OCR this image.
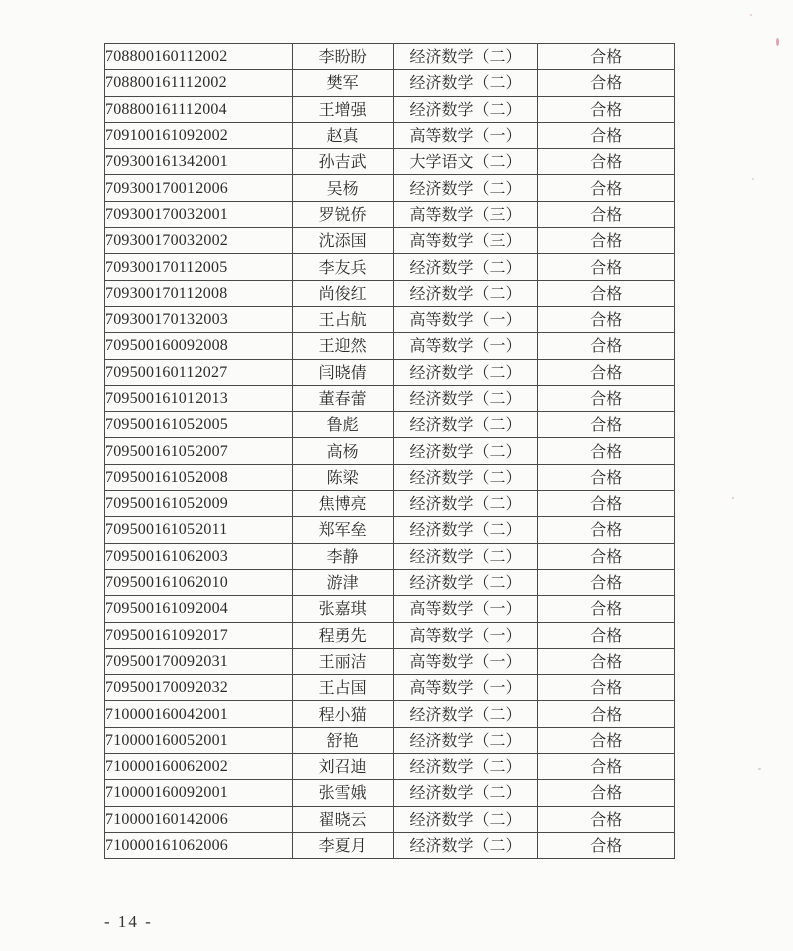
708800160112002	李盼盼	经济数学（二）	合格
708800161112002	樊军	经济数学（二）	合格
708800161112004	王增强	经济数学（二）	合格
709100161092002	赵真	高等数学（一）	合格
709300161342001	孙吉武	大学语文（二）	合格
709300170012006	吴杨	经济数学（二）	合格
709300170032001	罗锐侨	高等数学（三）	合格
709300170032002	沈添国	高等数学（三）	合格
709300170112005	李友兵	经济数学（二）	合格
709300170112008	尚俊红	经济数学（二）	合格
709300170132003	王占航	高等数学（一）	合格
709500160092008	王迎然	高等数学（一）	合格
709500160112027	闫晓倩	经济数学（二）	合格
709500161012013	董春蕾	经济数学（二）	合格
709500161052005	鲁彪	经济数学（二）	合格
709500161052007	高杨	经济数学（二）	合格
709500161052008	陈梁	经济数学（二）	合格
709500161052009	焦博亮	经济数学（二）	合格
709500161052011	郑军垒	经济数学（二）	合格
709500161062003	李静	经济数学（二）	合格
709500161062010	游津	经济数学（二）	合格
709500161092004	张嘉琪	高等数学（一）	合格
709500161092017	程勇先	高等数学（一）	合格
709500170092031	王丽洁	高等数学（一）	合格
709500170092032	王占国	高等数学（一）	合格
710000160042001	程小猫	经济数学（二）	合格
710000160052001	舒艳	经济数学（二）	合格
710000160062002	刘召迪	经济数学（二）	合格
710000160092001	张雪娥	经济数学（二）	合格
710000160142006	翟晓云	经济数学（二）	合格
710000161062006	李夏月	经济数学（二）	合格
- 14 -
